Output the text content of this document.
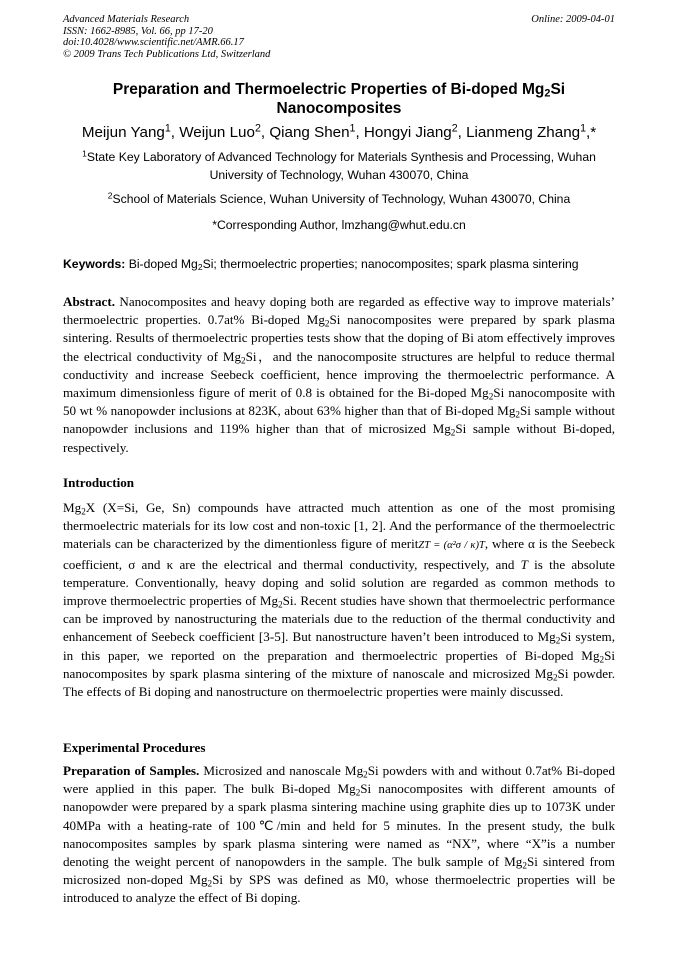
Advanced Materials Research
ISSN: 1662-8985, Vol. 66, pp 17-20
doi:10.4028/www.scientific.net/AMR.66.17
© 2009 Trans Tech Publications Ltd, Switzerland
Online: 2009-04-01
Preparation and Thermoelectric Properties of Bi-doped $Mg_2Si$
Nanocomposites
Meijun Yang$^1$, Weijun Luo$^2$, Qiang Shen$^1$, Hongyi Jiang$^2$, Lianmeng Zhang$^1$,*
$^1$State Key Laboratory of Advanced Technology for Materials Synthesis and Processing, Wuhan University of Technology, Wuhan 430070, China
$^2$School of Materials Science, Wuhan University of Technology, Wuhan 430070, China
*Corresponding Author, lmzhang@whut.edu.cn
Keywords: Bi-doped $Mg_2Si$; thermoelectric properties; nanocomposites; spark plasma sintering
Abstract. Nanocomposites and heavy doping both are regarded as effective way to improve materials’ thermoelectric properties. 0.7at% Bi-doped $Mg_2Si$ nanocomposites were prepared by spark plasma sintering. Results of thermoelectric properties tests show that the doping of Bi atom effectively improves the electrical conductivity of $Mg_2Si$，and the nanocomposite structures are helpful to reduce thermal conductivity and increase Seebeck coefficient, hence improving the thermoelectric performance. A maximum dimensionless figure of merit of 0.8 is obtained for the Bi-doped $Mg_2Si$ nanocomposite with 50 wt % nanopowder inclusions at 823K, about 63% higher than that of Bi-doped $Mg_2Si$ sample without nanopowder inclusions and 119% higher than that of microsized $Mg_2Si$ sample without Bi-doped, respectively.
Introduction
$Mg_2X$ (X=Si, Ge, Sn) compounds have attracted much attention as one of the most promising thermoelectric materials for its low cost and non-toxic [1, 2]. And the performance of the thermoelectric materials can be characterized by the dimentionless figure of meritZT = (α²σ / κ)T, where α is the Seebeck coefficient, σ and κ are the electrical and thermal conductivity, respectively, and T is the absolute temperature. Conventionally, heavy doping and solid solution are regarded as common methods to improve thermoelectric properties of $Mg_2Si$. Recent studies have shown that thermoelectric performance can be improved by nanostructuring the materials due to the reduction of the thermal conductivity and enhancement of Seebeck coefficient [3-5]. But nanostructure haven’t been introduced to $Mg_2Si$ system, in this paper, we reported on the preparation and thermoelectric properties of Bi-doped $Mg_2Si$ nanocomposites by spark plasma sintering of the mixture of nanoscale and microsized $Mg_2Si$ powder. The effects of Bi doping and nanostructure on thermoelectric properties were mainly discussed.
Experimental Procedures
Preparation of Samples. Microsized and nanoscale $Mg_2Si$ powders with and without 0.7at% Bi-doped were applied in this paper. The bulk Bi-doped $Mg_2Si$ nanocomposites with different amounts of nanopowder were prepared by a spark plasma sintering machine using graphite dies up to 1073K under 40MPa with a heating-rate of 100℃/min and held for 5 minutes. In the present study, the bulk nanocomposites samples by spark plasma sintering were named as “NX”, where “X”is a number denoting the weight percent of nanopowders in the sample. The bulk sample of $Mg_2Si$ sintered from microsized non-doped $Mg_2Si$ by SPS was defined as M0, whose thermoelectric properties will be introduced to analyze the effect of Bi doping.
